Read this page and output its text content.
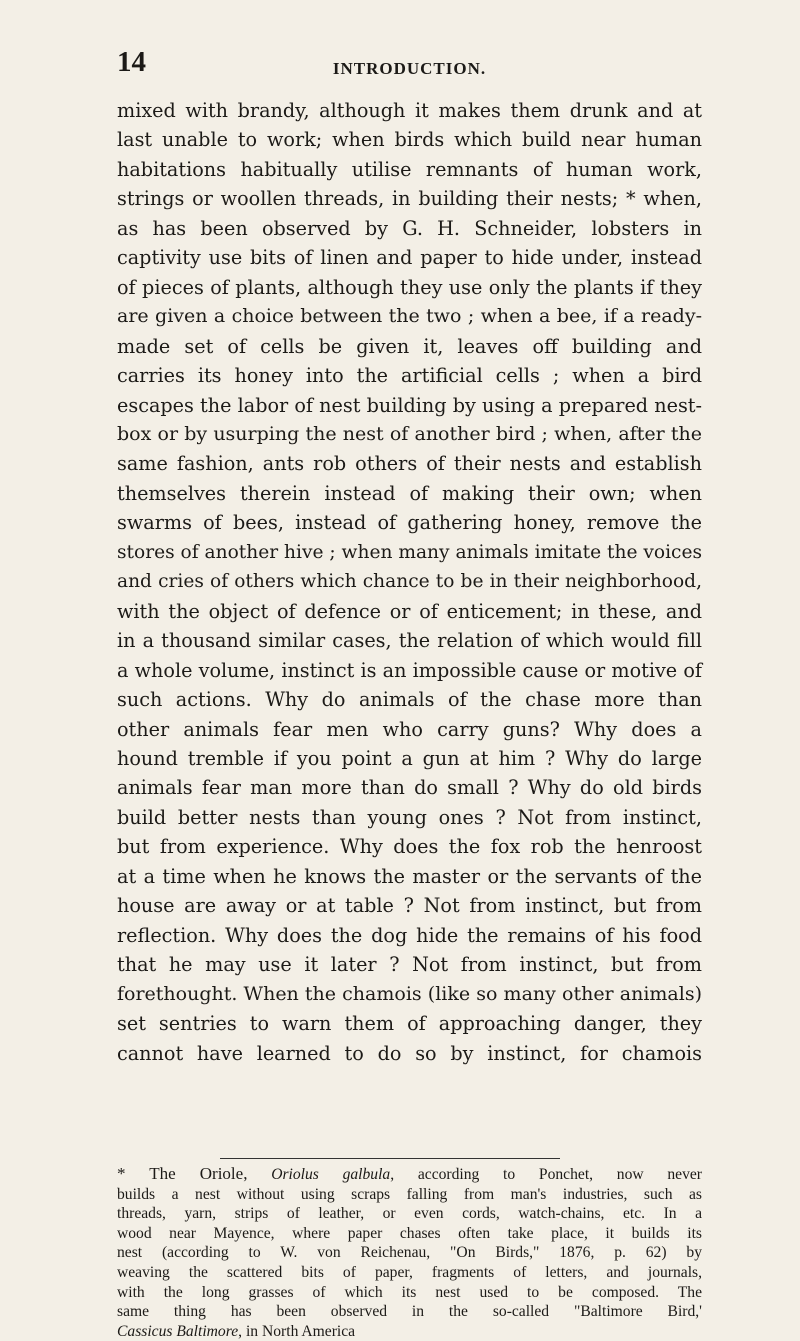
14	INTRODUCTION.
mixed with brandy, although it makes them drunk and at
last unable to work; when birds which build near human
habitations habitually utilise remnants of human work,
strings or woollen threads, in building their nests; * when,
as has been observed by G. H. Schneider, lobsters in
captivity use bits of linen and paper to hide under, instead
of pieces of plants, although they use only the plants if they
are given a choice between the two ; when a bee, if a ready-
made set of cells be given it, leaves off building and
carries its honey into the artificial cells ; when a bird
escapes the labor of nest building by using a prepared nest-
box or by usurping the nest of another bird ; when, after the
same fashion, ants rob others of their nests and establish
themselves therein instead of making their own; when
swarms of bees, instead of gathering honey, remove the
stores of another hive ; when many animals imitate the voices
and cries of others which chance to be in their neighborhood,
with the object of defence or of enticement; in these, and
in a thousand similar cases, the relation of which would fill
a whole volume, instinct is an impossible cause or motive of
such actions. Why do animals of the chase more than
other animals fear men who carry guns? Why does a
hound tremble if you point a gun at him ? Why do large
animals fear man more than do small ? Why do old birds
build better nests than young ones ? Not from instinct,
but from experience. Why does the fox rob the henroost
at a time when he knows the master or the servants of the
house are away or at table ? Not from instinct, but from
reflection. Why does the dog hide the remains of his food
that he may use it later ? Not from instinct, but from
forethought. When the chamois (like so many other animals)
set sentries to warn them of approaching danger, they
cannot have learned to do so by instinct, for chamois
* The Oriole, Oriolus galbula, according to Ponchet, now never
builds a nest without using scraps falling from man's industries, such as
threads, yarn, strips of leather, or even cords, watch-chains, etc. In a
wood near Mayence, where paper chases often take place, it builds its
nest (according to W. von Reichenau, "On Birds," 1876, p. 62) by
weaving the scattered bits of paper, fragments of letters, and journals,
with the long grasses of which its nest used to be composed. The
same thing has been observed in the so-called "Baltimore Bird,'
Cassicus Baltimore, in North America
